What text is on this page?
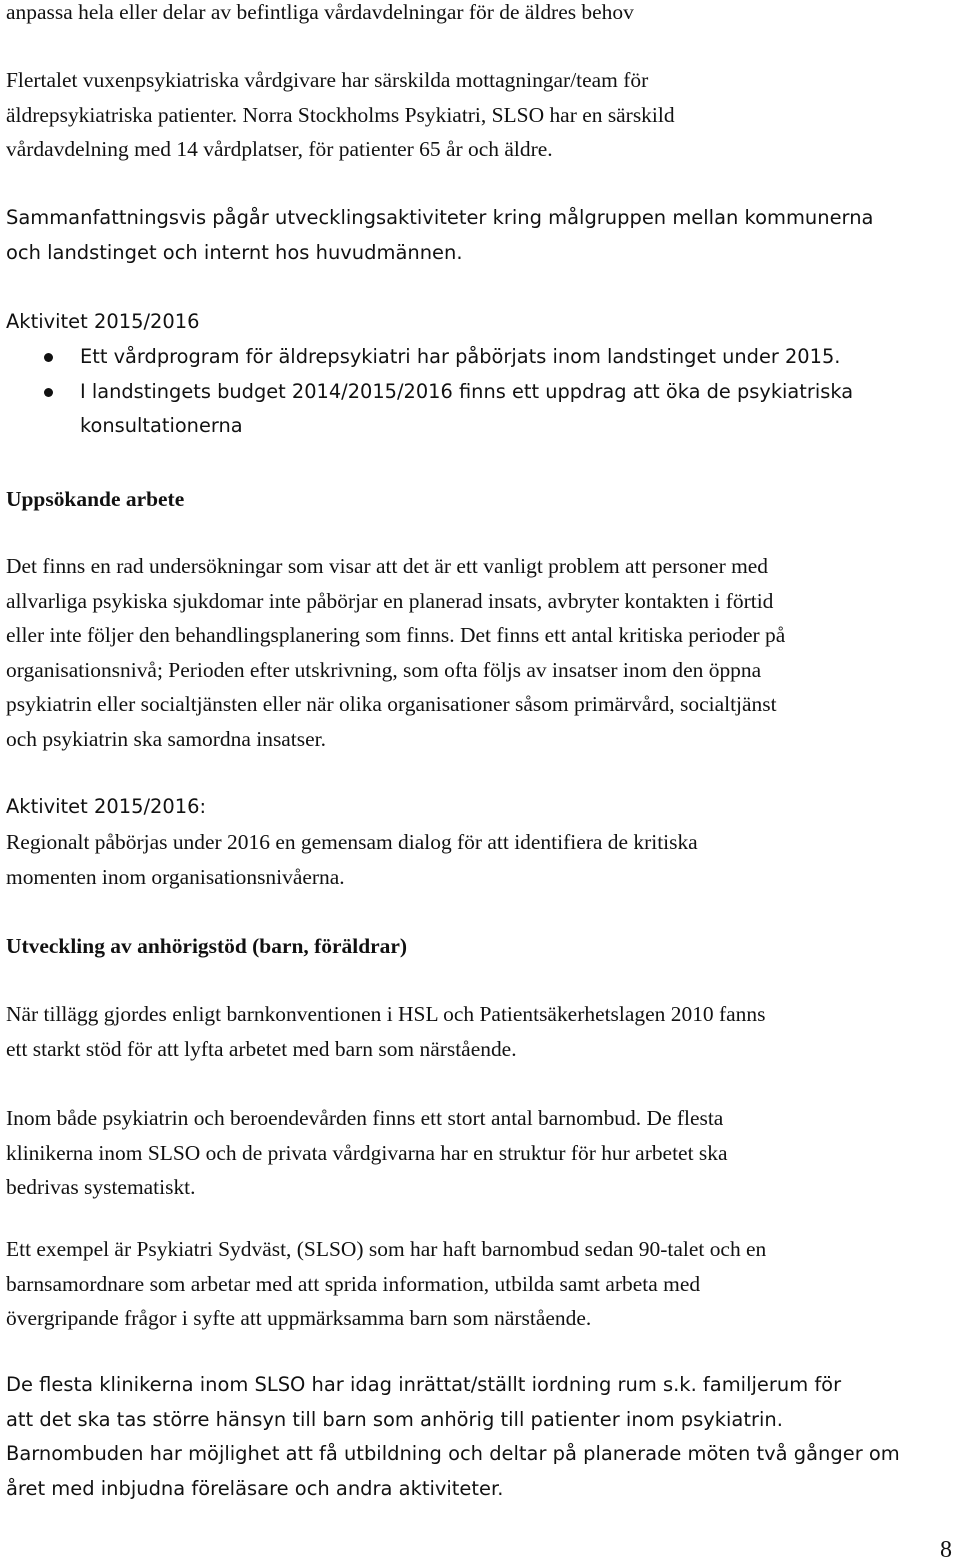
anpassa hela eller delar av befintliga vårdavdelningar för de äldres behov

Flertalet vuxenpsykiatriska vårdgivare har särskilda mottagningar/team för
äldrepsykiatriska patienter. Norra Stockholms Psykiatri, SLSO har en särskild
vårdavdelning med 14 vårdplatser, för patienter 65 år och äldre.

Sammanfattningsvis pågår utvecklingsaktiviteter kring målgruppen mellan kommunerna
och landstinget och internt hos huvudmännen.

Aktivitet 2015/2016

Ett vårdprogram för äldrepsykiatri har påbörjats inom landstinget under 2015.
I landstingets budget 2014/2015/2016 finns ett uppdrag att öka de psykiatriska
konsultationerna

Uppsökande arbete

Det finns en rad undersökningar som visar att det är ett vanligt problem att personer med
allvarliga psykiska sjukdomar inte påbörjar en planerad insats, avbryter kontakten i förtid
eller inte följer den behandlingsplanering som finns. Det finns ett antal kritiska perioder på
organisationsnivå; Perioden efter utskrivning, som ofta följs av insatser inom den öppna
psykiatrin eller socialtjänsten eller när olika organisationer såsom primärvård, socialtjänst
och psykiatrin ska samordna insatser.

Aktivitet 2015/2016:

Regionalt påbörjas under 2016 en gemensam dialog för att identifiera de kritiska
momenten inom organisationsnivåerna.

Utveckling av anhörigstöd (barn, föräldrar)

När tillägg gjordes enligt barnkonventionen i HSL och Patientsäkerhetslagen 2010 fanns
ett starkt stöd för att lyfta arbetet med barn som närstående.

Inom både psykiatrin och beroendevården finns ett stort antal barnombud. De flesta
klinikerna inom SLSO och de privata vårdgivarna har en struktur för hur arbetet ska
bedrivas systematiskt.

Ett exempel är Psykiatri Sydväst, (SLSO) som har haft barnombud sedan 90-talet och en
barnsamordnare som arbetar med att sprida information, utbilda samt arbeta med
övergripande frågor i syfte att uppmärksamma barn som närstående.

De flesta klinikerna inom SLSO har idag inrättat/ställt iordning rum s.k. familjerum för
att det ska tas större hänsyn till barn som anhörig till patienter inom psykiatrin.
Barnombuden har möjlighet att få utbildning och deltar på planerade möten två gånger om
året med inbjudna föreläsare och andra aktiviteter.

8
